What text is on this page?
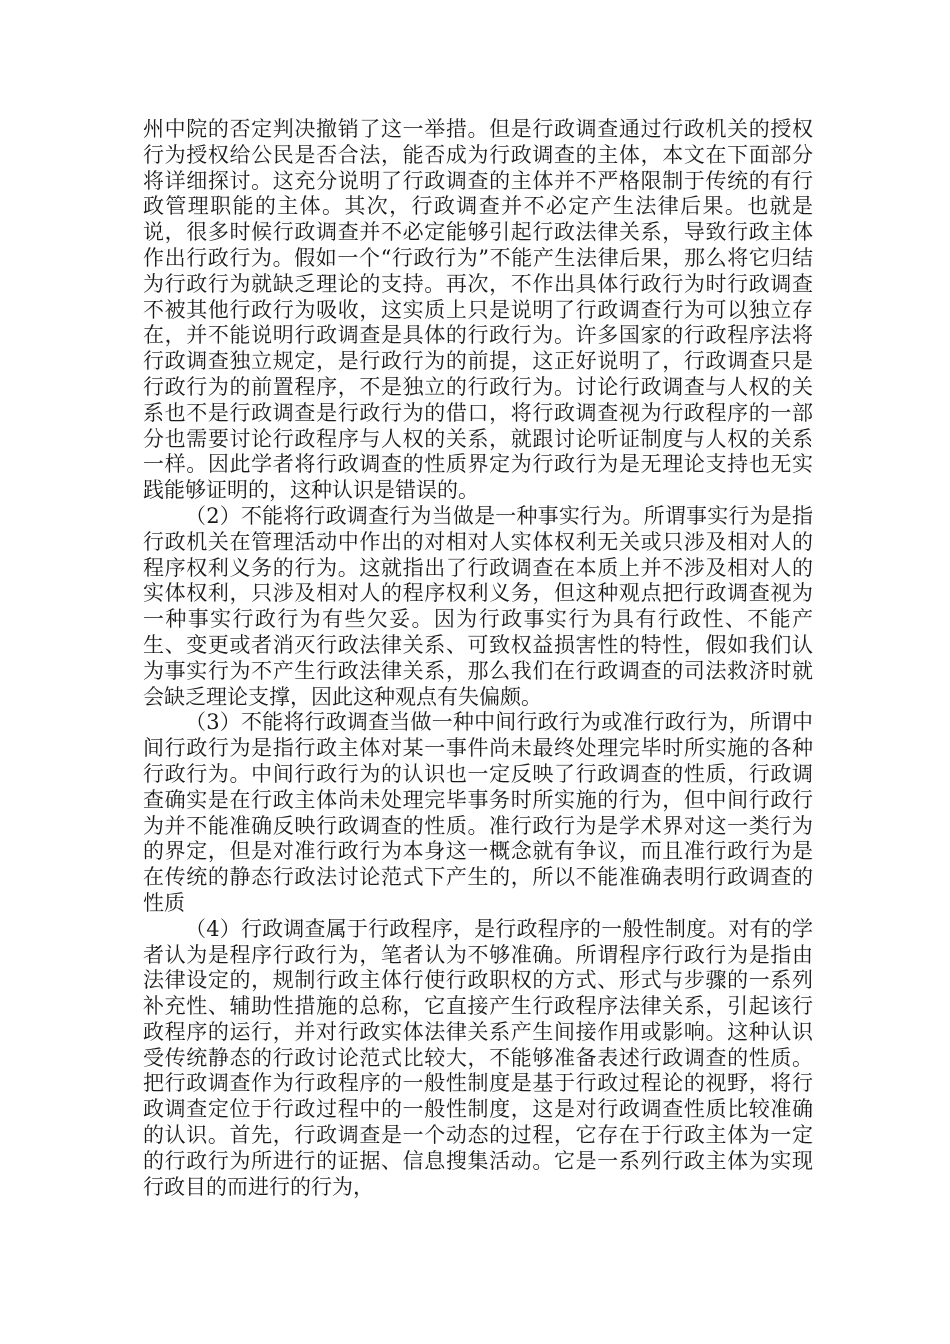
州中院的否定判决撤销了这一举措。但是行政调查通过行政机关的授权行为授权给公民是否合法，能否成为行政调查的主体，本文在下面部分将详细探讨。这充分说明了行政调查的主体并不严格限制于传统的有行政管理职能的主体。其次，行政调查并不必定产生法律后果。也就是说，很多时候行政调查并不必定能够引起行政法律关系，导致行政主体作出行政行为。假如一个“行政行为”不能产生法律后果，那么将它归结为行政行为就缺乏理论的支持。再次，不作出具体行政行为时行政调查不被其他行政行为吸收，这实质上只是说明了行政调查行为可以独立存在，并不能说明行政调查是具体的行政行为。许多国家的行政程序法将行政调查独立规定，是行政行为的前提，这正好说明了，行政调查只是行政行为的前置程序，不是独立的行政行为。讨论行政调查与人权的关系也不是行政调查是行政行为的借口，将行政调查视为行政程序的一部分也需要讨论行政程序与人权的关系，就跟讨论听证制度与人权的关系一样。因此学者将行政调查的性质界定为行政行为是无理论支持也无实践能够证明的，这种认识是错误的。

（2）不能将行政调查行为当做是一种事实行为。所谓事实行为是指行政机关在管理活动中作出的对相对人实体权利无关或只涉及相对人的程序权利义务的行为。这就指出了行政调查在本质上并不涉及相对人的实体权利，只涉及相对人的程序权利义务，但这种观点把行政调查视为一种事实行政行为有些欠妥。因为行政事实行为具有行政性、不能产生、变更或者消灭行政法律关系、可致权益损害性的特性，假如我们认为事实行为不产生行政法律关系，那么我们在行政调查的司法救济时就会缺乏理论支撑，因此这种观点有失偏颇。

（3）不能将行政调查当做一种中间行政行为或准行政行为，所谓中间行政行为是指行政主体对某一事件尚未最终处理完毕时所实施的各种行政行为。中间行政行为的认识也一定反映了行政调查的性质，行政调查确实是在行政主体尚未处理完毕事务时所实施的行为，但中间行政行为并不能准确反映行政调查的性质。准行政行为是学术界对这一类行为的界定，但是对准行政行为本身这一概念就有争议，而且准行政行为是在传统的静态行政法讨论范式下产生的，所以不能准确表明行政调查的性质

（4）行政调查属于行政程序，是行政程序的一般性制度。对有的学者认为是程序行政行为，笔者认为不够准确。所谓程序行政行为是指由法律设定的，规制行政主体行使行政职权的方式、形式与步骤的一系列补充性、辅助性措施的总称，它直接产生行政程序法律关系，引起该行政程序的运行，并对行政实体法律关系产生间接作用或影响。这种认识受传统静态的行政讨论范式比较大，不能够准备表述行政调查的性质。把行政调查作为行政程序的一般性制度是基于行政过程论的视野，将行政调查定位于行政过程中的一般性制度，这是对行政调查性质比较准确的认识。首先，行政调查是一个动态的过程，它存在于行政主体为一定的行政行为所进行的证据、信息搜集活动。它是一系列行政主体为实现行政目的而进行的行为，
